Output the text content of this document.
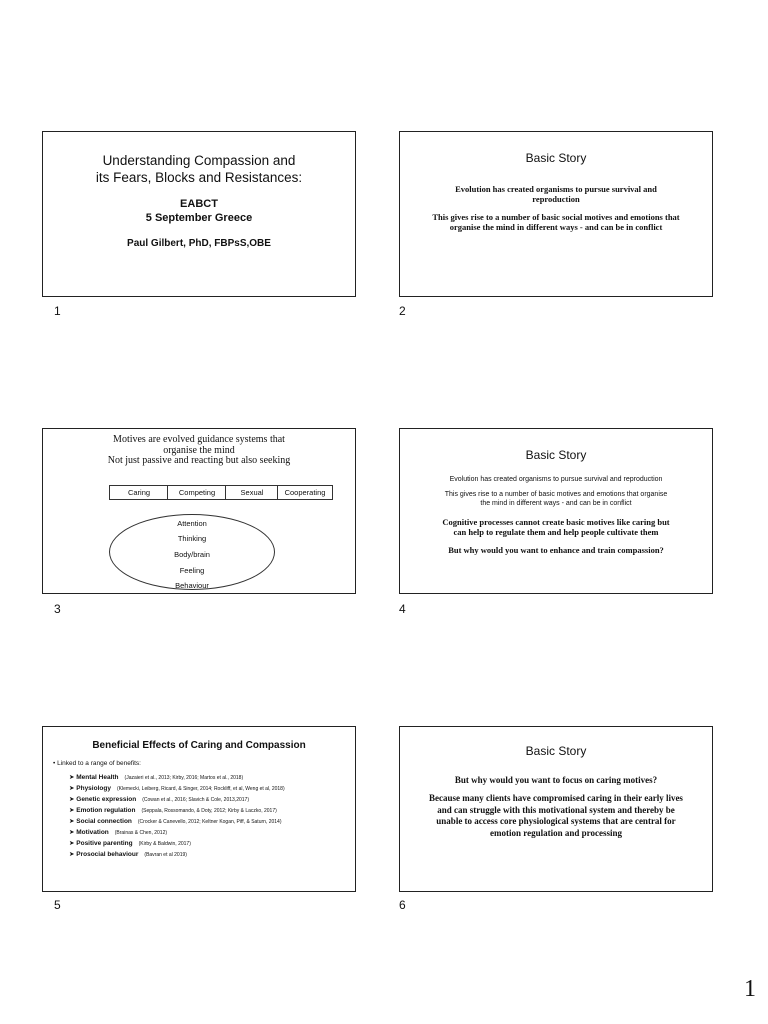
Understanding Compassion and
its Fears, Blocks and Resistances:
EABCT
5 September Greece
Paul Gilbert, PhD, FBPsS,OBE
1
Basic Story
Evolution has created organisms to pursue survival and reproduction
This gives rise to a number of basic social motives and emotions that organise the mind in different ways - and can be in conflict
2
Motives are evolved guidance systems that
organise the mind
Not just passive and reacting but also seeking
Caring	Competing	Sexual	Cooperating
Attention
Thinking
Body/brain
Feeling
Behaviour
3
Basic Story
Evolution has created organisms to pursue survival and reproduction
This gives rise to a number of basic motives and emotions that organise the mind in different ways - and can be in conflict
Cognitive processes cannot create basic motives like caring but can help to regulate them and help people cultivate them
But why would you want to enhance and train compassion?
4
Beneficial Effects of Caring and Compassion
• Linked to a range of benefits:
➤ Mental Health (Jazaieri et al., 2013; Kirby, 2016; Martos et al., 2018)
➤ Physiology (Klemecki, Leiberg, Ricard, & Singer, 2014; Rockliff, et al, Weng et al, 2018)
➤ Genetic expression (Cowan et al., 2016; Slavich & Cole, 2013,2017)
➤ Emotion regulation (Seppala, Rossomando, & Doty, 2012; Kirby & Laczko, 2017)
➤ Social connection (Crocker & Canevello, 2012; Keltner Kogan, Piff, & Saturn, 2014)
➤ Motivation (Brainas & Chen, 2012)
➤ Positive parenting (Kirby & Baldwin, 2017)
➤ Prosocial behaviour (Bavran et al 2019)
5
Basic Story
But why would you want to focus on caring motives?
Because many clients have compromised caring in their early lives and can struggle with this motivational system and thereby be unable to access core physiological systems that are central for emotion regulation and processing
6
1
